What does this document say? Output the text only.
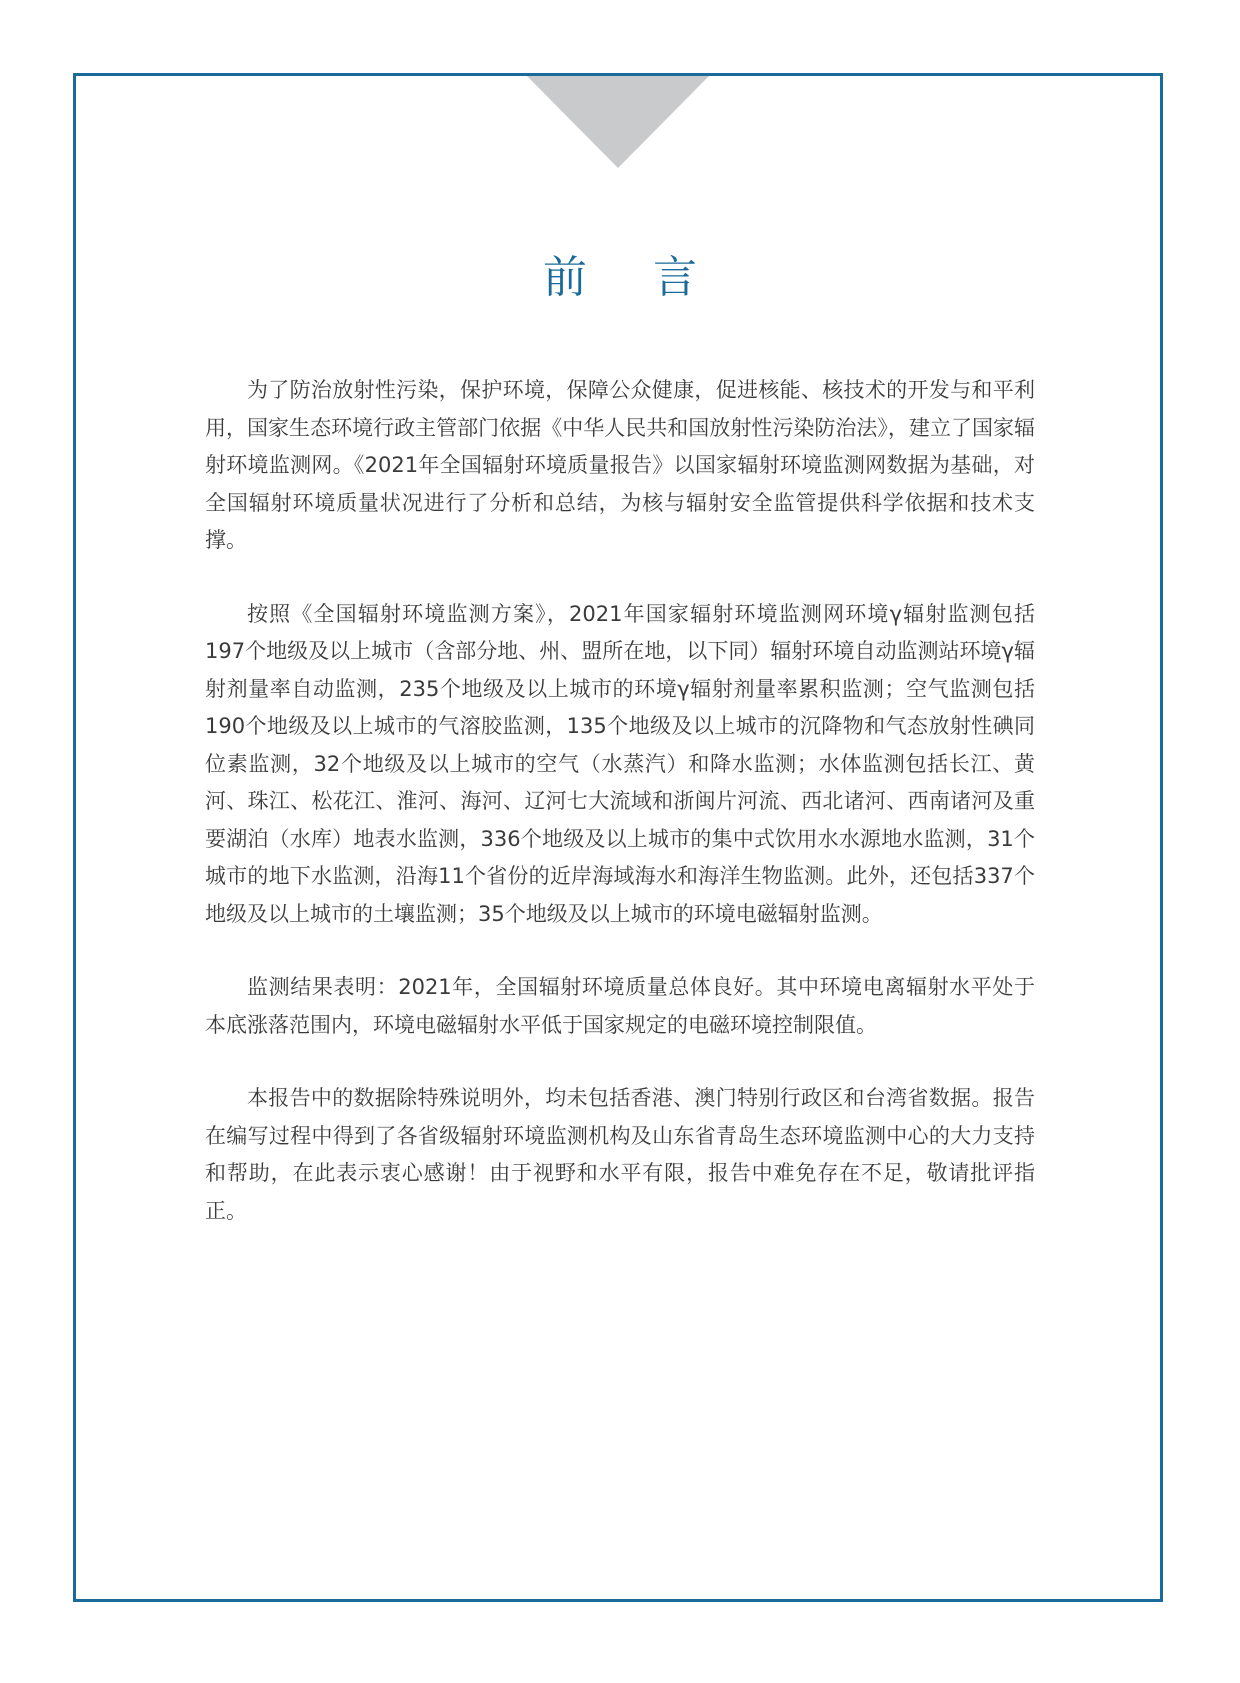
前言

为了防治放射性污染，保护环境，保障公众健康，促进核能、核技术的开发与和平利用，国家生态环境行政主管部门依据《中华人民共和国放射性污染防治法》，建立了国家辐射环境监测网。《2021年全国辐射环境质量报告》以国家辐射环境监测网数据为基础，对全国辐射环境质量状况进行了分析和总结，为核与辐射安全监管提供科学依据和技术支撑。

按照《全国辐射环境监测方案》，2021年国家辐射环境监测网环境γ辐射监测包括197个地级及以上城市（含部分地、州、盟所在地，以下同）辐射环境自动监测站环境γ辐射剂量率自动监测，235个地级及以上城市的环境γ辐射剂量率累积监测；空气监测包括190个地级及以上城市的气溶胶监测，135个地级及以上城市的沉降物和气态放射性碘同位素监测，32个地级及以上城市的空气（水蒸汽）和降水监测；水体监测包括长江、黄河、珠江、松花江、淮河、海河、辽河七大流域和浙闽片河流、西北诸河、西南诸河及重要湖泊（水库）地表水监测，336个地级及以上城市的集中式饮用水水源地水监测，31个城市的地下水监测，沿海11个省份的近岸海域海水和海洋生物监测。此外，还包括337个地级及以上城市的土壤监测；35个地级及以上城市的环境电磁辐射监测。

监测结果表明：2021年，全国辐射环境质量总体良好。其中环境电离辐射水平处于本底涨落范围内，环境电磁辐射水平低于国家规定的电磁环境控制限值。

本报告中的数据除特殊说明外，均未包括香港、澳门特别行政区和台湾省数据。报告在编写过程中得到了各省级辐射环境监测机构及山东省青岛生态环境监测中心的大力支持和帮助，在此表示衷心感谢！由于视野和水平有限，报告中难免存在不足，敬请批评指正。
